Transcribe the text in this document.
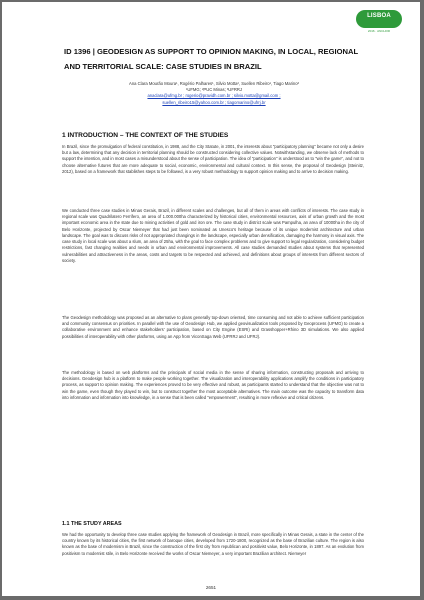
LISBOA
2016 · ANCHOR
ID 1396 | GEODESIGN AS SUPPORT TO OPINION MAKING, IN LOCAL, REGIONAL AND TERRITORIAL SCALE: CASE STUDIES IN BRAZIL
Ana Clara Mourão Moura¹, Rogério Palhares¹, Silvio Motta², Suellen Ribeiro¹, Tiago Marino³
¹UFMG; ²PUC Minas; ³UFRRJ
anaclara@ufmg.br ; rogerio@pravidh.com.br ; silvio.motta@gmail.com ;
suellen_ribeiro15@yahoo.com.br ; tiagomarino@ufrrj.br
1 INTRODUCTION – THE CONTEXT OF THE STUDIES
In Brazil, since the promulgation of federal constitution, in 1988, and the City Statute, in 2001, the interests about "participatory planning" became not only a desire but a law, determining that any decision in territorial planning should be constructed considering collective values. Notwithstanding, we observe lack of methods to support the intention, and in most cases a misunderstood about the sense of participation. The idea of "participation" is understood as to "win the game", and not to choose alternative futures that are more adequate to social, economic, environmental and cultural context. In this sense, the proposal of Geodesign (Steinitz, 2012), based on a framework that stablishes steps to be followed, is a very robust methodology to support opinion making and to arrive to decision making.
We conducted three case studies in Minas Gerais, Brazil, in different scales and challenges, but all of them in areas with conflicts of interests. The case study in regional scale was Quadrilatero Ferrifero, an area of 1.000.000ha characterized by historical cities, environmental resources, axis of urban growth and the most important economic area in the state due to mining activities of gold and iron ore. The case study in district scale was Pampulha, an area of 10000ha in the city of Belo Horizonte, projected by Oscar Niemeyer that had just been nominated as Unesco's heritage because of its unique modernist architecture and urban landscape. The goal was to discuss risks of not appropriated changings in the landscape, especially urban densification, damaging the harmony in visual axis. The case study in local scale was about a slum, an area of 25ha, with the goal to face complex problems and to give support to legal regularization, considering budget restrictions, fast changing realities and needs in urban and environmental improvements. All case studies demanded studies about systems that represented vulnerabilities and attractiveness in the areas, costs and targets to be respected and achieved, and definitions about groups of interests from different sectors of society.
The Geodesign methodology was proposed as an alternative to plans generally top-down oriented, time consuming and not able to achieve sufficient participation and community consensus on priorities. In parallel with the use of Geodesign Hub, we applied geovisualization tools proposed by Geoprocess (UFMG) to create a collaborative environment and enhance stakeholders' participation, based on City Engine (ESRI) and Grasshopper+Rhino 3D simulations. We also applied possibilities of interoperability with other platforms, using an App from ViconSaga Web (UFRRJ and UFRJ).
The methodology is based on web platforms and the principals of social media in the sense of sharing information, constructing proposals and arriving to decisions. Geodesign hub is a platform to make people working together. The visualization and interoperability applications amplify the conditions in participatory process, as support to opinion making. The experiences proved to be very effective and robust, as participants started to understand that the objective was not to win the game, even though they played to win, but to construct together the most acceptable alternatives. The main outcome was the capacity to transform data into information and information into knowledge, in a sense that is been called "empowerment", resulting in more reflexive and critical citizens.
1.1 THE STUDY AREAS
We had the opportunity to develop three case studies applying the framework of Geodesign in Brazil, more specifically in Minas Gerais, a state in the center of the country known by its historical cities, the first network of baroque cities, developed from 1720-1800, recognized as the base of Brazilian culture. The region is also known as the base of modernism in Brazil, since the construction of the first city from republican and positivist value, Belo Horizonte, in 1897. As an evolution from positivism to modernist stile, in Belo Horizonte received the works of Oscar Niemeyer, a very important Brazilian architect. Niemeyer
2651
